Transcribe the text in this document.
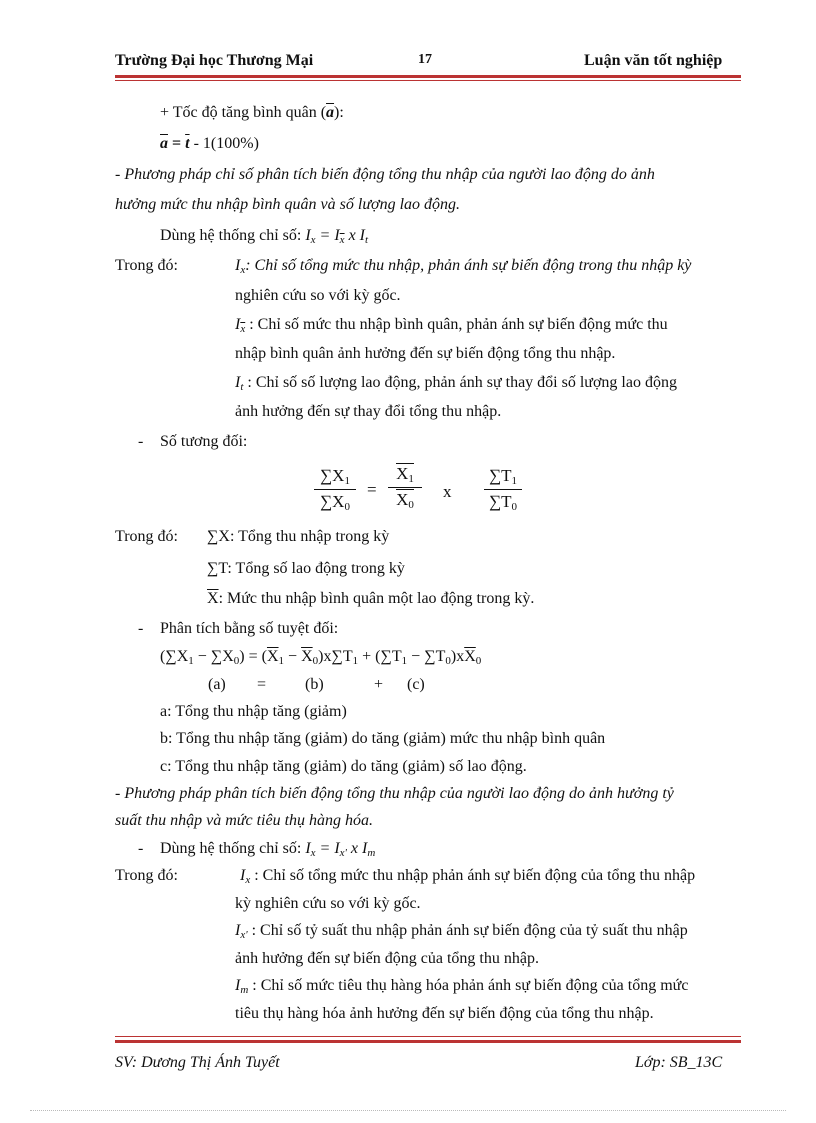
Trường Đại học Thương Mại	17	Luận văn tốt nghiệp
+ Tốc độ tăng bình quân $(\overline{a})$:
$\overline{a} = \overline{t} - 1(100\%)$
- Phương pháp chỉ số phân tích biến động tổng thu nhập của người lao động do ảnh
hưởng mức thu nhập bình quân và số lượng lao động.
Dùng hệ thống chỉ số: $I_x = I_{\overline{x}}$ x $I_t$
Trong đó:	$I_x$: Chỉ số tổng mức thu nhập, phản ánh sự biến động trong thu nhập kỳ
nghiên cứu so với kỳ gốc.
$I_{\overline{x}}$ : Chỉ số mức thu nhập bình quân, phản ánh sự biến động mức thu
nhập bình quân ảnh hưởng đến sự biến động tổng thu nhập.
$I_t$ : Chỉ số số lượng lao động, phản ánh sự thay đổi số lượng lao động
ảnh hưởng đến sự thay đổi tổng thu nhập.
- Số tương đối:
∑X1
∑X0
=
X1
X0
x
∑T1
∑T0
Trong đó: ∑X: Tổng thu nhập trong kỳ
∑T: Tổng số lao động trong kỳ
$\overline{X}$: Mức thu nhập bình quân một lao động trong kỳ.
- Phân tích bằng số tuyệt đối:
$(\sum X1 - \sum X0) = (\overline{X}1 - \overline{X}0)x\sum T1 + (\sum T1 - \sum T0)x\overline{X}0$
(a) = (b)	+ (c)
a: Tổng thu nhập tăng (giảm)
b: Tổng thu nhập tăng (giảm) do tăng (giảm) mức thu nhập bình quân
c: Tổng thu nhập tăng (giảm) do tăng (giảm) số lao động.
- Phương pháp phân tích biến động tổng thu nhập của người lao động do ảnh hưởng tỷ
suất thu nhập và mức tiêu thụ hàng hóa.
- Dùng hệ thống chỉ số: $I_x = I_{x'}$ x $I_m$
Trong đó:	$I_x$ : Chỉ số tổng mức thu nhập phản ánh sự biến động của tổng thu nhập
kỳ nghiên cứu so với kỳ gốc.
$I_{x'}$ : Chỉ số tỷ suất thu nhập phản ánh sự biến động của tỷ suất thu nhập
ảnh hưởng đến sự biến động của tổng thu nhập.
$I_m$ : Chỉ số mức tiêu thụ hàng hóa phản ánh sự biến động của tổng mức
tiêu thụ hàng hóa ảnh hưởng đến sự biến động của tổng thu nhập.
SV: Dương Thị Ánh Tuyết	Lớp: SB_13C
